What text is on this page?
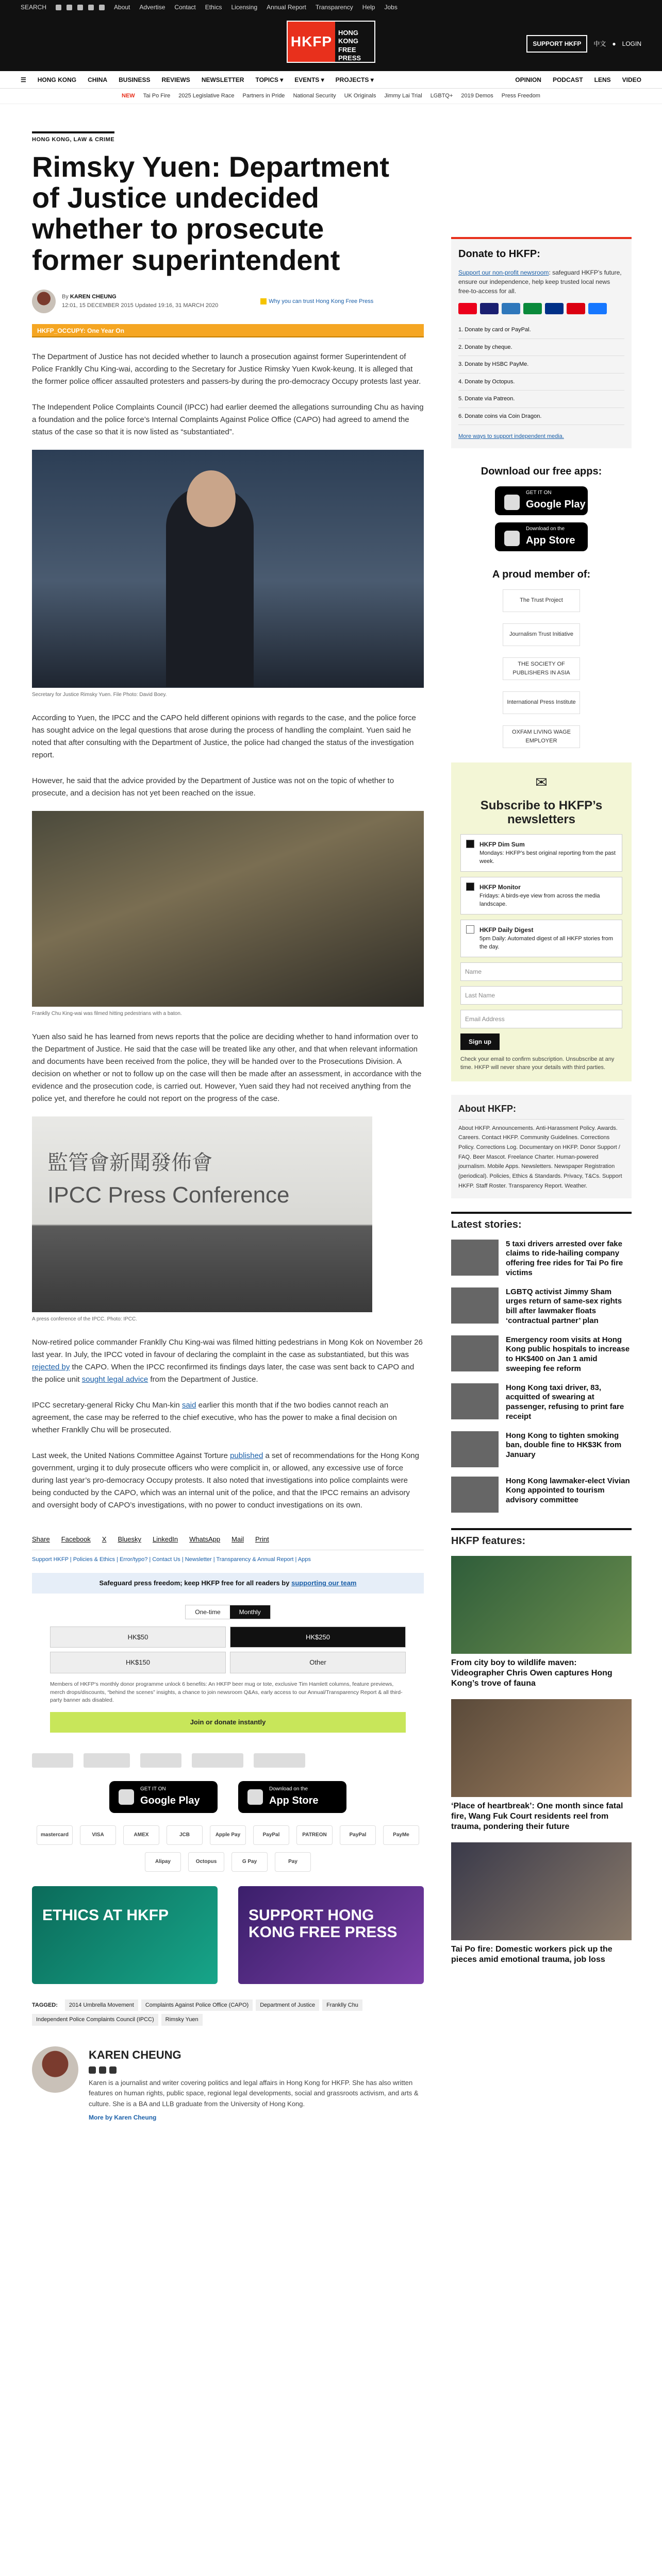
SEARCH	About Advertise Contact Ethics Licensing Annual Report Transparency Help Jobs
HKFP
HONG KONG FREE PRESS
SUPPORT HKFP	中文 ● LOGIN
☰ HONG KONG CHINA BUSINESS REVIEWS NEWSLETTER TOPICS ▾ EVENTS ▾ PROJECTS ▾	OPINION PODCAST LENS VIDEO
NEW Tai Po Fire 2025 Legislative Race Partners in Pride National Security UK Originals Jimmy Lai Trial LGBTQ+ 2019 Demos Press Freedom
HONG KONG, LAW & CRIME
Rimsky Yuen: Department of Justice undecided whether to prosecute former superintendent
By KAREN CHEUNG
12:01, 15 DECEMBER 2015 Updated 19:16, 31 MARCH 2020
Why you can trust Hong Kong Free Press
HKFP_OCCUPY: One Year On

The Department of Justice has not decided whether to launch a prosecution against former Superintendent of Police Franklly Chu King-wai, according to the Secretary for Justice Rimsky Yuen Kwok-keung. It is alleged that the former police officer assaulted protesters and passers-by during the pro-democracy Occupy protests last year.

The Independent Police Complaints Council (IPCC) had earlier deemed the allegations surrounding Chu as having a foundation and the police force’s Internal Complaints Against Police Office (CAPO) had agreed to amend the status of the case so that it is now listed as “substantiated”.

Secretary for Justice Rimsky Yuen. File Photo: David Boey.

According to Yuen, the IPCC and the CAPO held different opinions with regards to the case, and the police force has sought advice on the legal questions that arose during the process of handling the complaint. Yuen said he noted that after consulting with the Department of Justice, the police had changed the status of the investigation report.

However, he said that the advice provided by the Department of Justice was not on the topic of whether to prosecute, and a decision has not yet been reached on the issue.

Franklly Chu King-wai was filmed hitting pedestrians with a baton.

Yuen also said he has learned from news reports that the police are deciding whether to hand information over to the Department of Justice. He said that the case will be treated like any other, and that when relevant information and documents have been received from the police, they will be handed over to the Prosecutions Division. A decision on whether or not to follow up on the case will then be made after an assessment, in accordance with the evidence and the prosecution code, is carried out. However, Yuen said they had not received anything from the police yet, and therefore he could not report on the progress of the case.

監管會新聞發佈會
IPCC Press Conference
A press conference of the IPCC. Photo: IPCC.

Now-retired police commander Franklly Chu King-wai was filmed hitting pedestrians in Mong Kok on November 26 last year. In July, the IPCC voted in favour of declaring the complaint in the case as substantiated, but this was rejected by the CAPO. When the IPCC reconfirmed its findings days later, the case was sent back to CAPO and the police unit sought legal advice from the Department of Justice.

IPCC secretary-general Ricky Chu Man-kin said earlier this month that if the two bodies cannot reach an agreement, the case may be referred to the chief executive, who has the power to make a final decision on whether Franklly Chu will be prosecuted.

Last week, the United Nations Committee Against Torture published a set of recommendations for the Hong Kong government, urging it to duly prosecute officers who were complicit in, or allowed, any excessive use of force during last year’s pro-democracy Occupy protests. It also noted that investigations into police complaints were being conducted by the CAPO, which was an internal unit of the police, and that the IPCC remains an advisory and oversight body of CAPO’s investigations, with no power to conduct investigations on its own.

Share Facebook X Bluesky LinkedIn WhatsApp Mail Print
Support HKFP | Policies & Ethics | Error/typo? | Contact Us | Newsletter | Transparency & Annual Report | Apps
Safeguard press freedom; keep HKFP free for all readers by supporting our team
One-time	Monthly
HK$50	HK$250
HK$150	Other
Members of HKFP‘s monthly donor programme unlock 6 benefits: An HKFP beer mug or tote, exclusive Tim Hamlett columns, feature previews, merch drops/discounts, “behind the scenes” insights, a chance to join newsroom Q&As, early access to our Annual/Transparency Report & all third-party banner ads disabled.
Join or donate instantly
GET IT ON
Google Play
Download on the
App Store
mastercard	VISA	AMEX	JCB	Apple Pay	PayPal	PATREON	PayPal	PayMe
Alipay	Octopus	G Pay	Pay
ETHICS AT HKFP	SUPPORT HONG KONG FREE PRESS
TAGGED:	2014 Umbrella Movement	Complaints Against Police Office (CAPO)	Department of Justice	Franklly Chu
Independent Police Complaints Council (IPCC)	Rimsky Yuen
KAREN CHEUNG
Karen is a journalist and writer covering politics and legal affairs in Hong Kong for HKFP. She has also written features on human rights, public space, regional legal developments, social and grassroots activism, and arts & culture. She is a BA and LLB graduate from the University of Hong Kong.
More by Karen Cheung
Donate to HKFP:
Support our non-profit newsroom: safeguard HKFP’s future, ensure our independence, help keep trusted local news free-to-access for all.
1. Donate by card or PayPal.
2. Donate by cheque.
3. Donate by HSBC PayMe.
4. Donate by Octopus.
5. Donate via Patreon.
6. Donate coins via Coin Dragon.
More ways to support independent media.
Download our free apps:
GET IT ON
Google Play
Download on the
App Store
A proud member of:
The Trust Project
Journalism Trust Initiative
THE SOCIETY OF PUBLISHERS IN ASIA
International Press Institute
OXFAM LIVING WAGE EMPLOYER
✉
Subscribe to HKFP’s newsletters
HKFP Dim Sum
Mondays: HKFP’s best original reporting from the past week.
HKFP Monitor
Fridays: A birds-eye view from across the media landscape.
HKFP Daily Digest
5pm Daily: Automated digest of all HKFP stories from the day.
Name
Last Name
Email Address
Sign up
Check your email to confirm subscription. Unsubscribe at any time. HKFP will never share your details with third parties.
About HKFP:
About HKFP. Announcements. Anti-Harassment Policy. Awards. Careers. Contact HKFP. Community Guidelines. Corrections Policy. Corrections Log. Documentary on HKFP. Donor Support / FAQ. Beer Mascot. Freelance Charter. Human-powered journalism. Mobile Apps. Newsletters. Newspaper Registration (periodical). Policies, Ethics & Standards. Privacy, T&Cs. Support HKFP. Staff Roster. Transparency Report. Weather.
Latest stories:
5 taxi drivers arrested over fake claims to ride-hailing company offering free rides for Tai Po fire victims
LGBTQ activist Jimmy Sham urges return of same-sex rights bill after lawmaker floats ‘contractual partner’ plan
Emergency room visits at Hong Kong public hospitals to increase to HK$400 on Jan 1 amid sweeping fee reform
Hong Kong taxi driver, 83, acquitted of swearing at passenger, refusing to print fare receipt
Hong Kong to tighten smoking ban, double fine to HK$3K from January
Hong Kong lawmaker-elect Vivian Kong appointed to tourism advisory committee
HKFP features:
From city boy to wildlife maven: Videographer Chris Owen captures Hong Kong’s trove of fauna
‘Place of heartbreak’: One month since fatal fire, Wang Fuk Court residents reel from trauma, pondering their future
Tai Po fire: Domestic workers pick up the pieces amid emotional trauma, job loss
